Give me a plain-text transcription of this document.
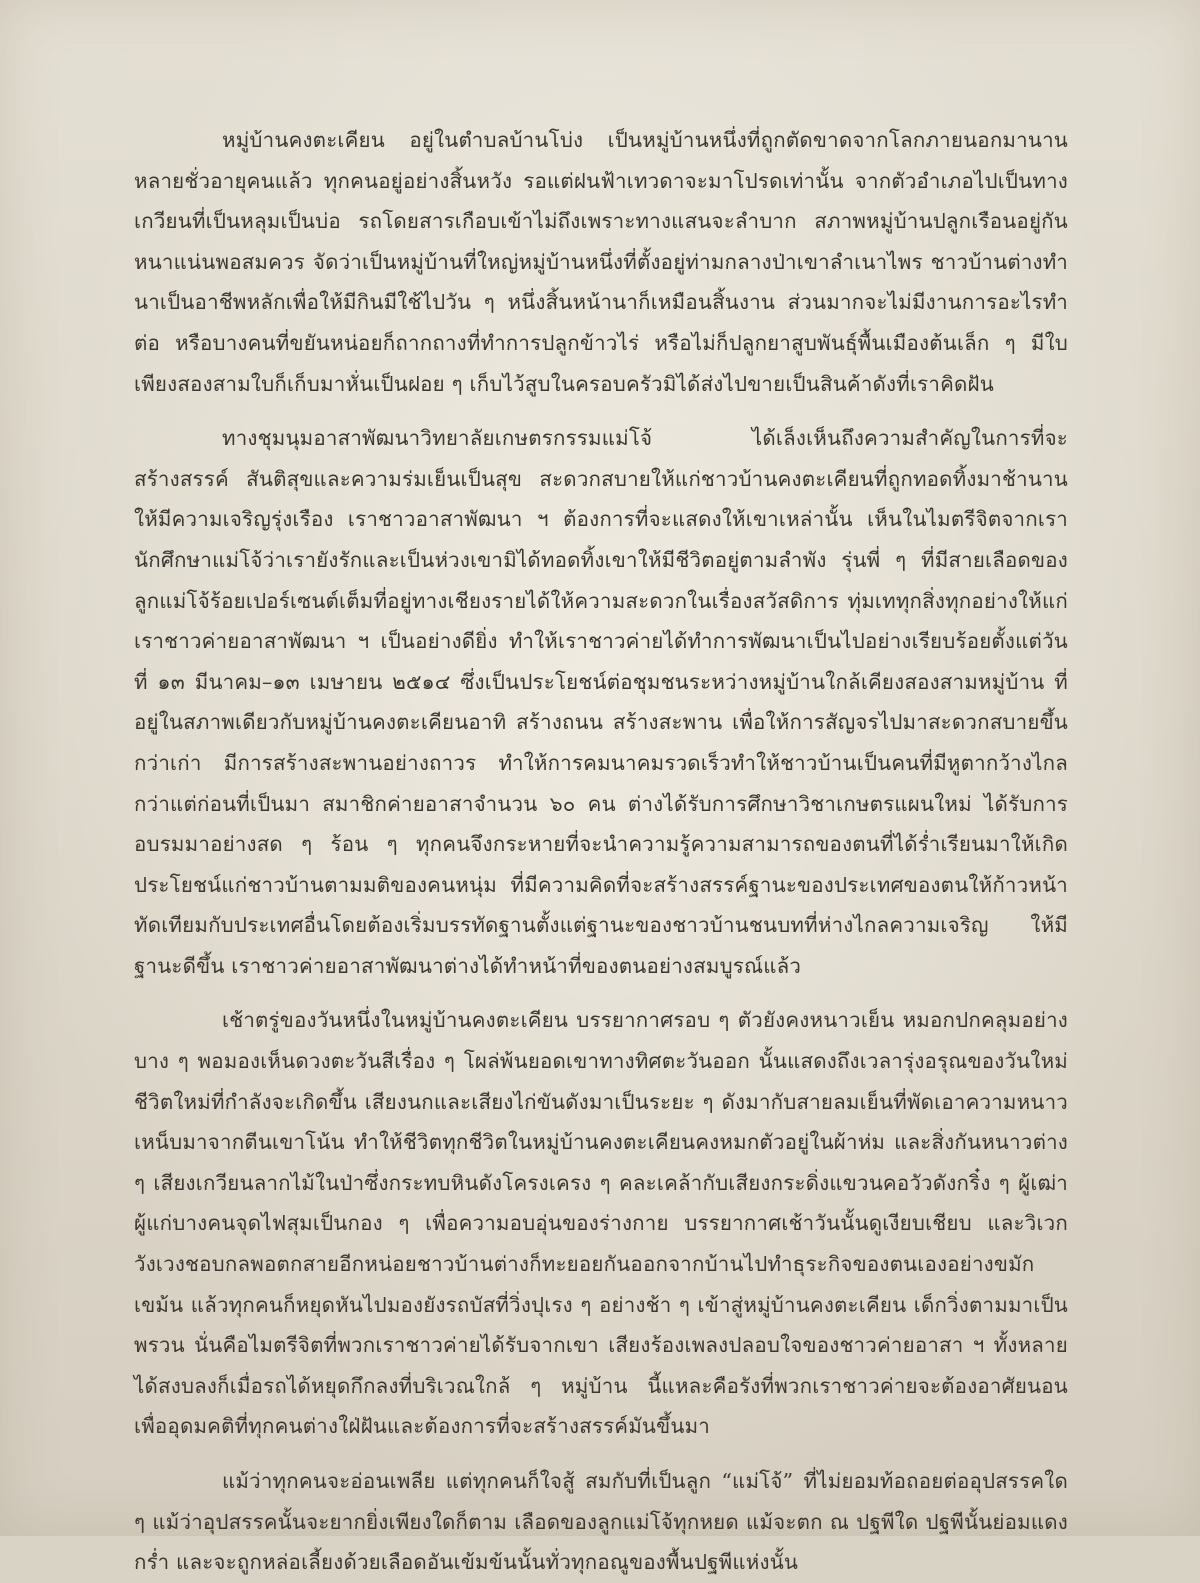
หมู่บ้านคงตะเคียน อยู่ในตำบลบ้านโบ่ง เป็นหมู่บ้านหนึ่งที่ถูกตัดขาดจากโลกภายนอกมานานหลายชั่วอายุคนแล้ว ทุกคนอยู่อย่างสิ้นหวัง รอแต่ฝนฟ้าเทวดาจะมาโปรดเท่านั้น จากตัวอำเภอไปเป็นทางเกวียนที่เป็นหลุมเป็นบ่อ รถโดยสารเกือบเข้าไม่ถึงเพราะทางแสนจะลำบาก สภาพหมู่บ้านปลูกเรือนอยู่กันหนาแน่นพอสมควร จัดว่าเป็นหมู่บ้านที่ใหญ่หมู่บ้านหนึ่งที่ตั้งอยู่ท่ามกลางป่าเขาลำเนาไพร ชาวบ้านต่างทำนาเป็นอาชีพหลักเพื่อให้มีกินมีใช้ไปวัน ๆ หนึ่งสิ้นหน้านาก็เหมือนสิ้นงาน ส่วนมากจะไม่มีงานการอะไรทำต่อ หรือบางคนที่ขยันหน่อยก็ถากถางที่ทำการปลูกข้าวไร่ หรือไม่ก็ปลูกยาสูบพันธุ์พื้นเมืองต้นเล็ก ๆ มีใบเพียงสองสามใบก็เก็บมาหั่นเป็นฝอย ๆ เก็บไว้สูบในครอบครัวมิได้ส่งไปขายเป็นสินค้าดังที่เราคิดฝัน

ทางชุมนุมอาสาพัฒนาวิทยาลัยเกษตรกรรมแม่โจ้ ได้เล็งเห็นถึงความสำคัญในการที่จะสร้างสรรค์ สันติสุขและความร่มเย็นเป็นสุข สะดวกสบายให้แก่ชาวบ้านคงตะเคียนที่ถูกทอดทิ้งมาช้านาน ให้มีความเจริญรุ่งเรือง เราชาวอาสาพัฒนา ฯ ต้องการที่จะแสดงให้เขาเหล่านั้น เห็นในไมตรีจิตจากเรานักศึกษาแม่โจ้ว่าเรายังรักและเป็นห่วงเขามิได้ทอดทิ้งเขาให้มีชีวิตอยู่ตามลำพัง รุ่นพี่ ๆ ที่มีสายเลือดของลูกแม่โจ้ร้อยเปอร์เซนต์เต็มที่อยู่ทางเชียงรายได้ให้ความสะดวกในเรื่องสวัสดิการ ทุ่มเททุกสิ่งทุกอย่างให้แก่เราชาวค่ายอาสาพัฒนา ฯ เป็นอย่างดียิ่ง ทำให้เราชาวค่ายได้ทำการพัฒนาเป็นไปอย่างเรียบร้อยตั้งแต่วันที่ ๑๓ มีนาคม–๑๓ เมษายน ๒๕๑๔ ซึ่งเป็นประโยชน์ต่อชุมชนระหว่างหมู่บ้านใกล้เคียงสองสามหมู่บ้าน ที่อยู่ในสภาพเดียวกับหมู่บ้านคงตะเคียนอาทิ สร้างถนน สร้างสะพาน เพื่อให้การสัญจรไปมาสะดวกสบายขึ้นกว่าเก่า มีการสร้างสะพานอย่างถาวร ทำให้การคมนาคมรวดเร็วทำให้ชาวบ้านเป็นคนที่มีหูตากว้างไกลกว่าแต่ก่อนที่เป็นมา สมาชิกค่ายอาสาจำนวน ๖๐ คน ต่างได้รับการศึกษาวิชาเกษตรแผนใหม่ ได้รับการอบรมมาอย่างสด ๆ ร้อน ๆ ทุกคนจึงกระหายที่จะนำความรู้ความสามารถของตนที่ได้ร่ำเรียนมาให้เกิดประโยชน์แก่ชาวบ้านตามมติของคนหนุ่ม ที่มีความคิดที่จะสร้างสรรค์ฐานะของประเทศของตนให้ก้าวหน้าทัดเทียมกับประเทศอื่นโดยต้องเริ่มบรรทัดฐานตั้งแต่ฐานะของชาวบ้านชนบทที่ห่างไกลความเจริญ ให้มีฐานะดีขึ้น เราชาวค่ายอาสาพัฒนาต่างได้ทำหน้าที่ของตนอย่างสมบูรณ์แล้ว

เช้าตรู่ของวันหนึ่งในหมู่บ้านคงตะเคียน บรรยากาศรอบ ๆ ตัวยังคงหนาวเย็น หมอกปกคลุมอย่างบาง ๆ พอมองเห็นดวงตะวันสีเรื่อง ๆ โผล่พ้นยอดเขาทางทิศตะวันออก นั้นแสดงถึงเวลารุ่งอรุณของวันใหม่ ชีวิตใหม่ที่กำลังจะเกิดขึ้น เสียงนกและเสียงไก่ขันดังมาเป็นระยะ ๆ ดังมากับสายลมเย็นที่พัดเอาความหนาวเหน็บมาจากตีนเขาโน้น ทำให้ชีวิตทุกชีวิตในหมู่บ้านคงตะเคียนคงหมกตัวอยู่ในผ้าห่ม และสิ่งกันหนาวต่าง ๆ เสียงเกวียนลากไม้ในป่าซึ่งกระทบหินดังโครงเครง ๆ คละเคล้ากับเสียงกระดิ่งแขวนคอวัวดังกริ๋ง ๆ ผู้เฒ่าผู้แก่บางคนจุดไฟสุมเป็นกอง ๆ เพื่อความอบอุ่นของร่างกาย บรรยากาศเช้าวันนั้นดูเงียบเชียบ และวิเวกวังเวงชอบกลพอตกสายอีกหน่อยชาวบ้านต่างก็ทะยอยกันออกจากบ้านไปทำธุระกิจของตนเองอย่างขมักเขม้น แล้วทุกคนก็หยุดหันไปมองยังรถบัสที่วิ่งปุเรง ๆ อย่างช้า ๆ เข้าสู่หมู่บ้านคงตะเคียน เด็กวิ่งตามมาเป็นพรวน นั่นคือไมตรีจิตที่พวกเราชาวค่ายได้รับจากเขา เสียงร้องเพลงปลอบใจของชาวค่ายอาสา ฯ ทั้งหลายได้สงบลงก็เมื่อรถได้หยุดกึกลงที่บริเวณใกล้ ๆ หมู่บ้าน นี้แหละคือรังที่พวกเราชาวค่ายจะต้องอาศัยนอน เพื่ออุดมคติที่ทุกคนต่างใฝ่ฝันและต้องการที่จะสร้างสรรค์มันขึ้นมา

แม้ว่าทุกคนจะอ่อนเพลีย แต่ทุกคนก็ใจสู้ สมกับที่เป็นลูก “แม่โจ้” ที่ไม่ยอมท้อถอยต่ออุปสรรคใด ๆ แม้ว่าอุปสรรคนั้นจะยากยิ่งเพียงใดก็ตาม เลือดของลูกแม่โจ้ทุกหยด แม้จะตก ณ ปฐพีใด ปฐพีนั้นย่อมแดงกร่ำ และจะถูกหล่อเลี้ยงด้วยเลือดอันเข้มข้นนั้นทั่วทุกอณูของพื้นปฐพีแห่งนั้น
